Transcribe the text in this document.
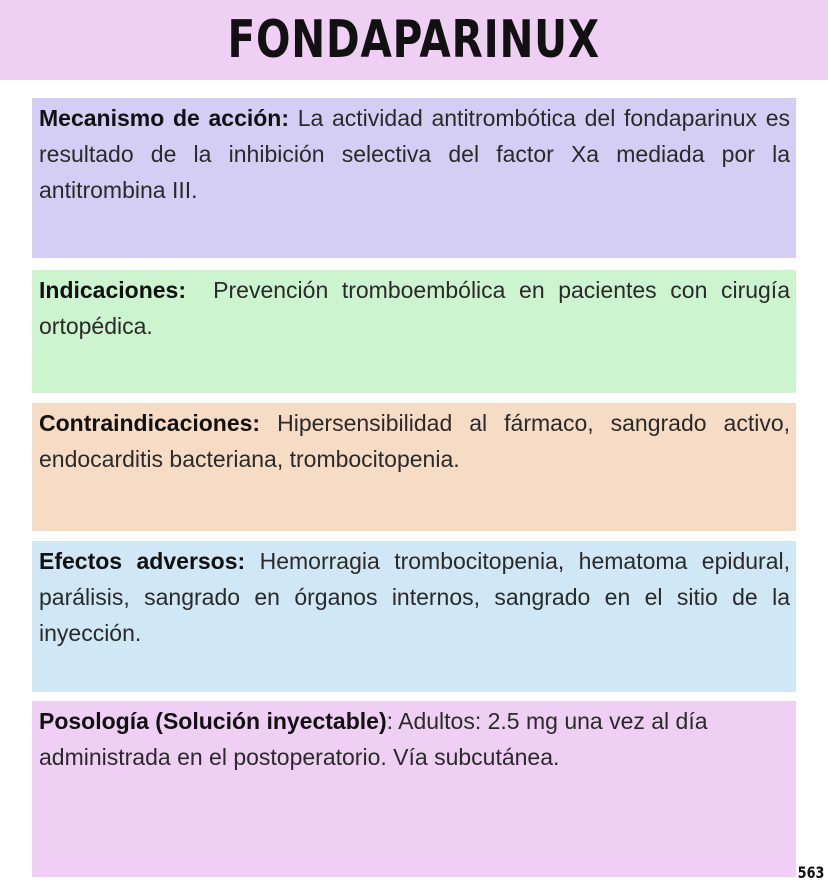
FONDAPARINUX

Mecanismo de acción: La actividad antitrombótica del fondaparinux es resultado de la inhibición selectiva del factor Xa mediada por la antitrombina III.

Indicaciones:  Prevención tromboembólica en pacientes con cirugía ortopédica.

Contraindicaciones: Hipersensibilidad al fármaco, sangrado activo, endocarditis bacteriana, trombocitopenia.

Efectos adversos: Hemorragia trombocitopenia, hematoma epidural, parálisis, sangrado en órganos internos, sangrado en el sitio de la inyección.

Posología (Solución inyectable): Adultos: 2.5 mg una vez al día administrada en el postoperatorio. Vía subcutánea.

563
